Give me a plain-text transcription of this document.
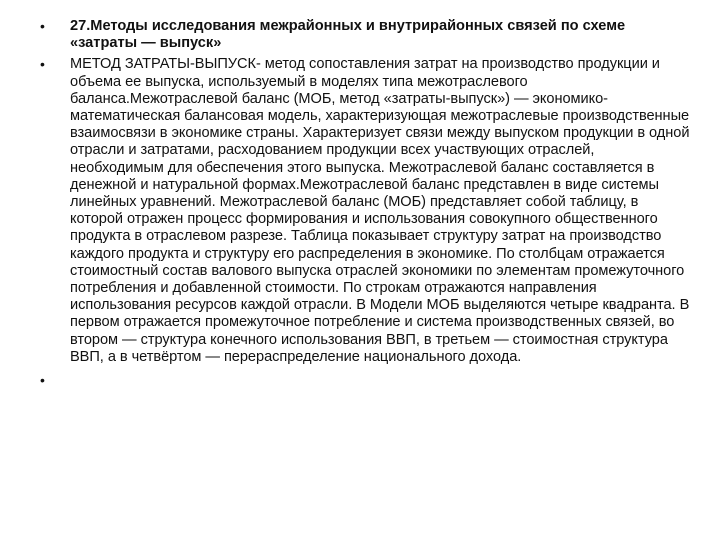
• 27.Методы исследования межрайонных и внутрирайонных связей по схеме «затраты — выпуск»
• МЕТОД ЗАТРАТЫ-ВЫПУСК- метод сопоставления затрат на производство продукции и объема ее выпуска, используемый в моделях типа межотраслевого баланса.Межотраслевой баланс (МОБ, метод «затраты-выпуск») — экономико-математическая балансовая модель, характеризующая межотраслевые производственные взаимосвязи в экономике страны. Характеризует связи между выпуском продукции в одной отрасли и затратами, расходованием продукции всех участвующих отраслей, необходимым для обеспечения этого выпуска. Межотраслевой баланс составляется в денежной и натуральной формах.Межотраслевой баланс представлен в виде системы линейных уравнений. Межотраслевой баланс (МОБ) представляет собой таблицу, в которой отражен процесс формирования и использования совокупного общественного продукта в отраслевом разрезе. Таблица показывает структуру затрат на производство каждого продукта и структуру его распределения в экономике. По столбцам отражается стоимостный состав валового выпуска отраслей экономики по элементам промежуточного потребления и добавленной стоимости. По строкам отражаются направления использования ресурсов каждой отрасли. В Модели МОБ выделяются четыре квадранта. В первом отражается промежуточное потребление и система производственных связей, во втором — структура конечного использования ВВП, в третьем — стоимостная структура ВВП, а в четвёртом — перераспределение национального дохода.
•
